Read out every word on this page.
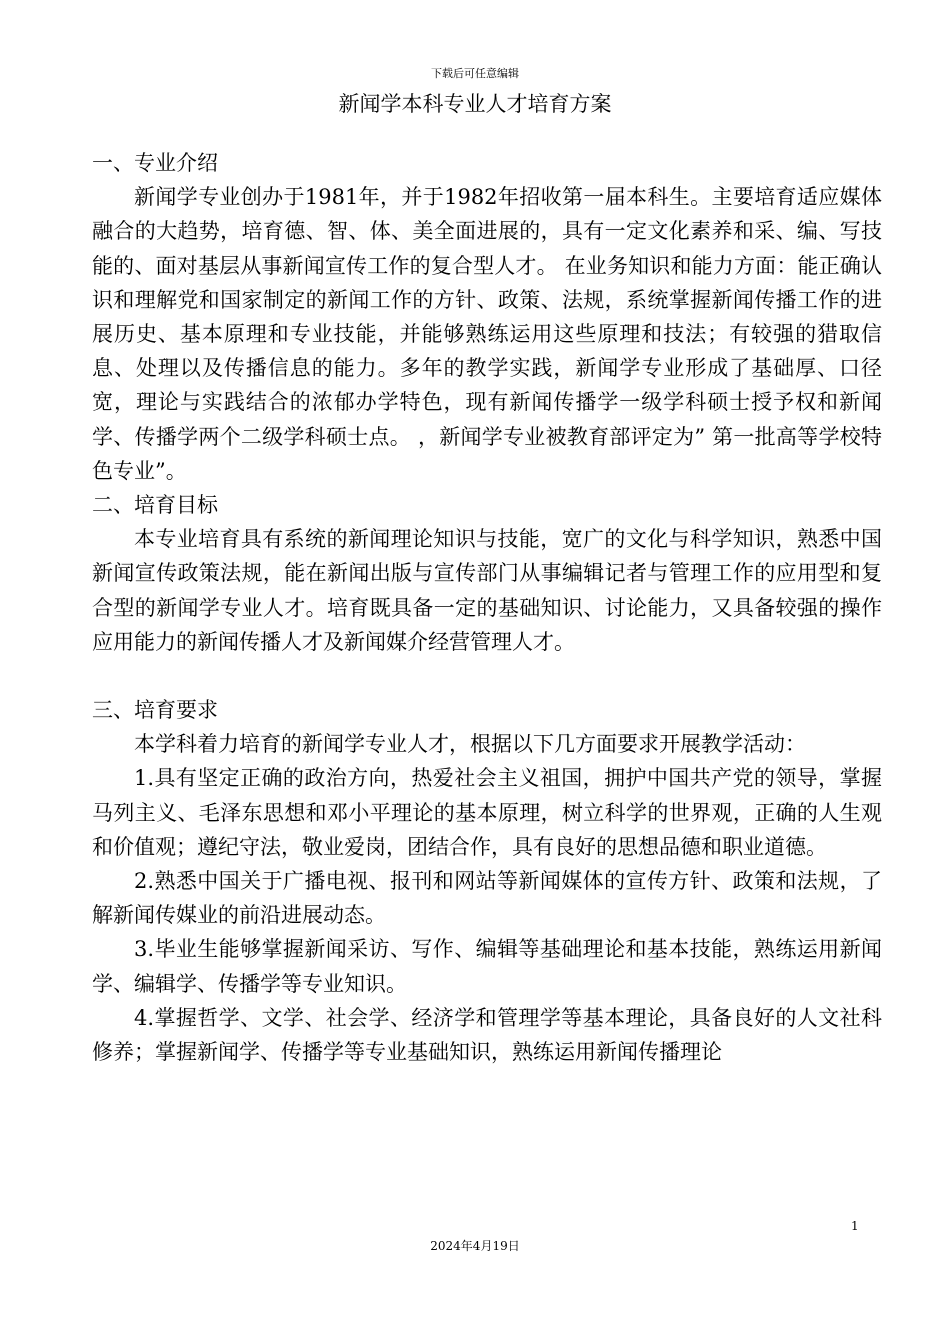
下载后可任意编辑
新闻学本科专业人才培育方案

一、专业介绍

新闻学专业创办于1981年，并于1982年招收第一届本科生。主要培育适应媒体融合的大趋势，培育德、智、体、美全面进展的，具有一定文化素养和采、编、写技能的、面对基层从事新闻宣传工作的复合型人才。 在业务知识和能力方面：能正确认识和理解党和国家制定的新闻工作的方针、政策、法规，系统掌握新闻传播工作的进展历史、基本原理和专业技能，并能够熟练运用这些原理和技法；有较强的猎取信息、处理以及传播信息的能力。多年的教学实践，新闻学专业形成了基础厚、口径宽，理论与实践结合的浓郁办学特色，现有新闻传播学一级学科硕士授予权和新闻学、传播学两个二级学科硕士点。 ，新闻学专业被教育部评定为” 第一批高等学校特色专业”。

二、培育目标

本专业培育具有系统的新闻理论知识与技能，宽广的文化与科学知识，熟悉中国新闻宣传政策法规，能在新闻出版与宣传部门从事编辑记者与管理工作的应用型和复合型的新闻学专业人才。培育既具备一定的基础知识、讨论能力，又具备较强的操作应用能力的新闻传播人才及新闻媒介经营管理人才。

三、培育要求

本学科着力培育的新闻学专业人才，根据以下几方面要求开展教学活动：

1.具有坚定正确的政治方向，热爱社会主义祖国，拥护中国共产党的领导，掌握马列主义、毛泽东思想和邓小平理论的基本原理，树立科学的世界观，正确的人生观和价值观；遵纪守法，敬业爱岗，团结合作，具有良好的思想品德和职业道德。

2.熟悉中国关于广播电视、报刊和网站等新闻媒体的宣传方针、政策和法规，了解新闻传媒业的前沿进展动态。

3.毕业生能够掌握新闻采访、写作、编辑等基础理论和基本技能，熟练运用新闻学、编辑学、传播学等专业知识。

4.掌握哲学、文学、社会学、经济学和管理学等基本理论，具备良好的人文社科修养；掌握新闻学、传播学等专业基础知识，熟练运用新闻传播理论

1
2024年4月19日
